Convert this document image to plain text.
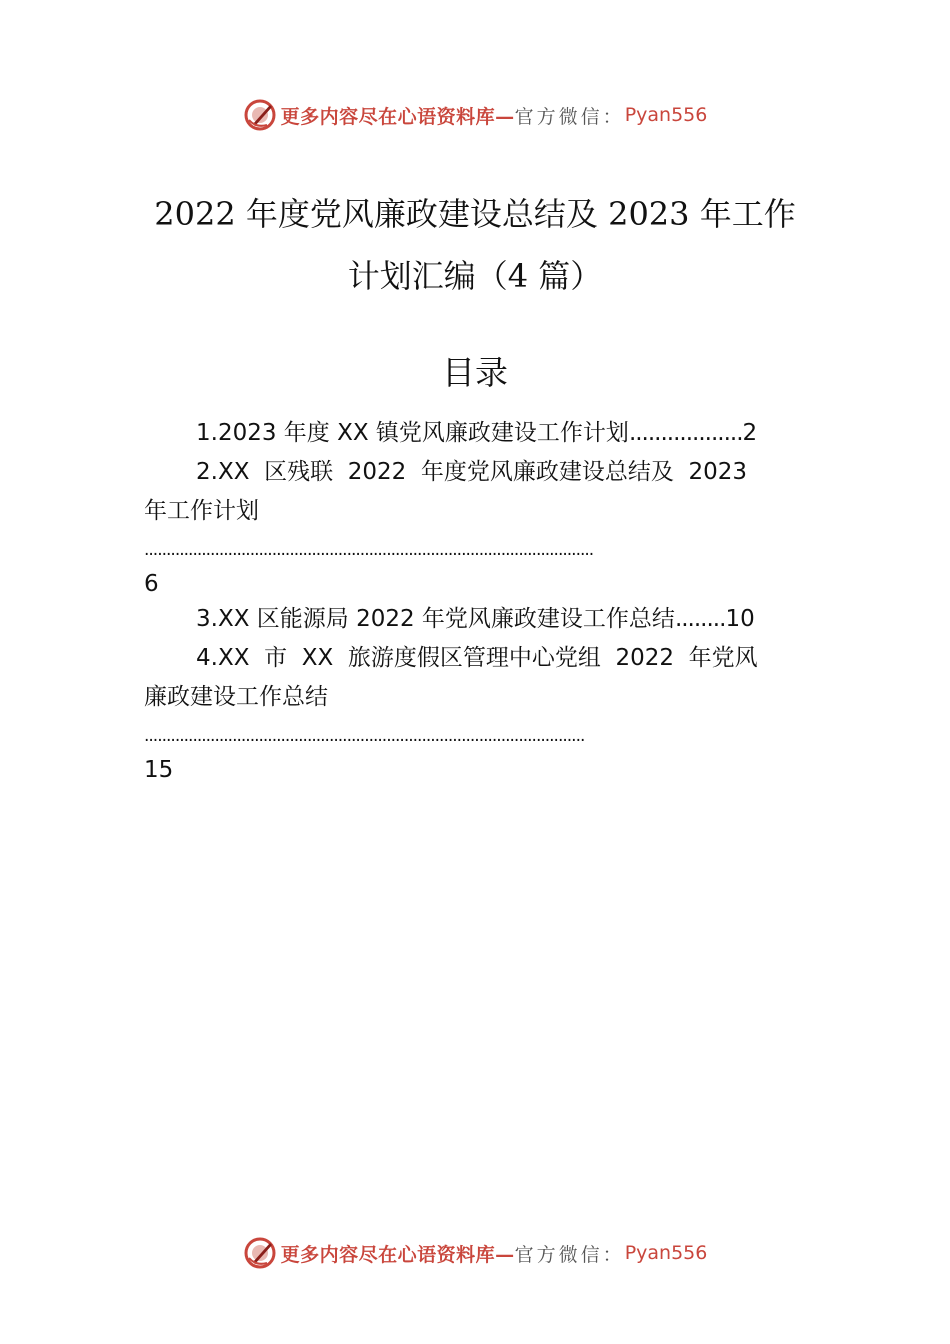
更多内容尽在心语资料库— 官方微信： Pyan556
2022 年度党风廉政建设总结及 2023 年工作
计划汇编（4 篇）
目录
1.2023 年度 XX 镇党风廉政建设工作计划..................2
2.XX  区残联  2022  年度党风廉政建设总结及  2023
年工作计划
......................................................................................................
6
3.XX 区能源局 2022 年党风廉政建设工作总结........10
4.XX  市  XX  旅游度假区管理中心党组  2022  年党风
廉政建设工作总结
....................................................................................................
15
更多内容尽在心语资料库— 官方微信： Pyan556
